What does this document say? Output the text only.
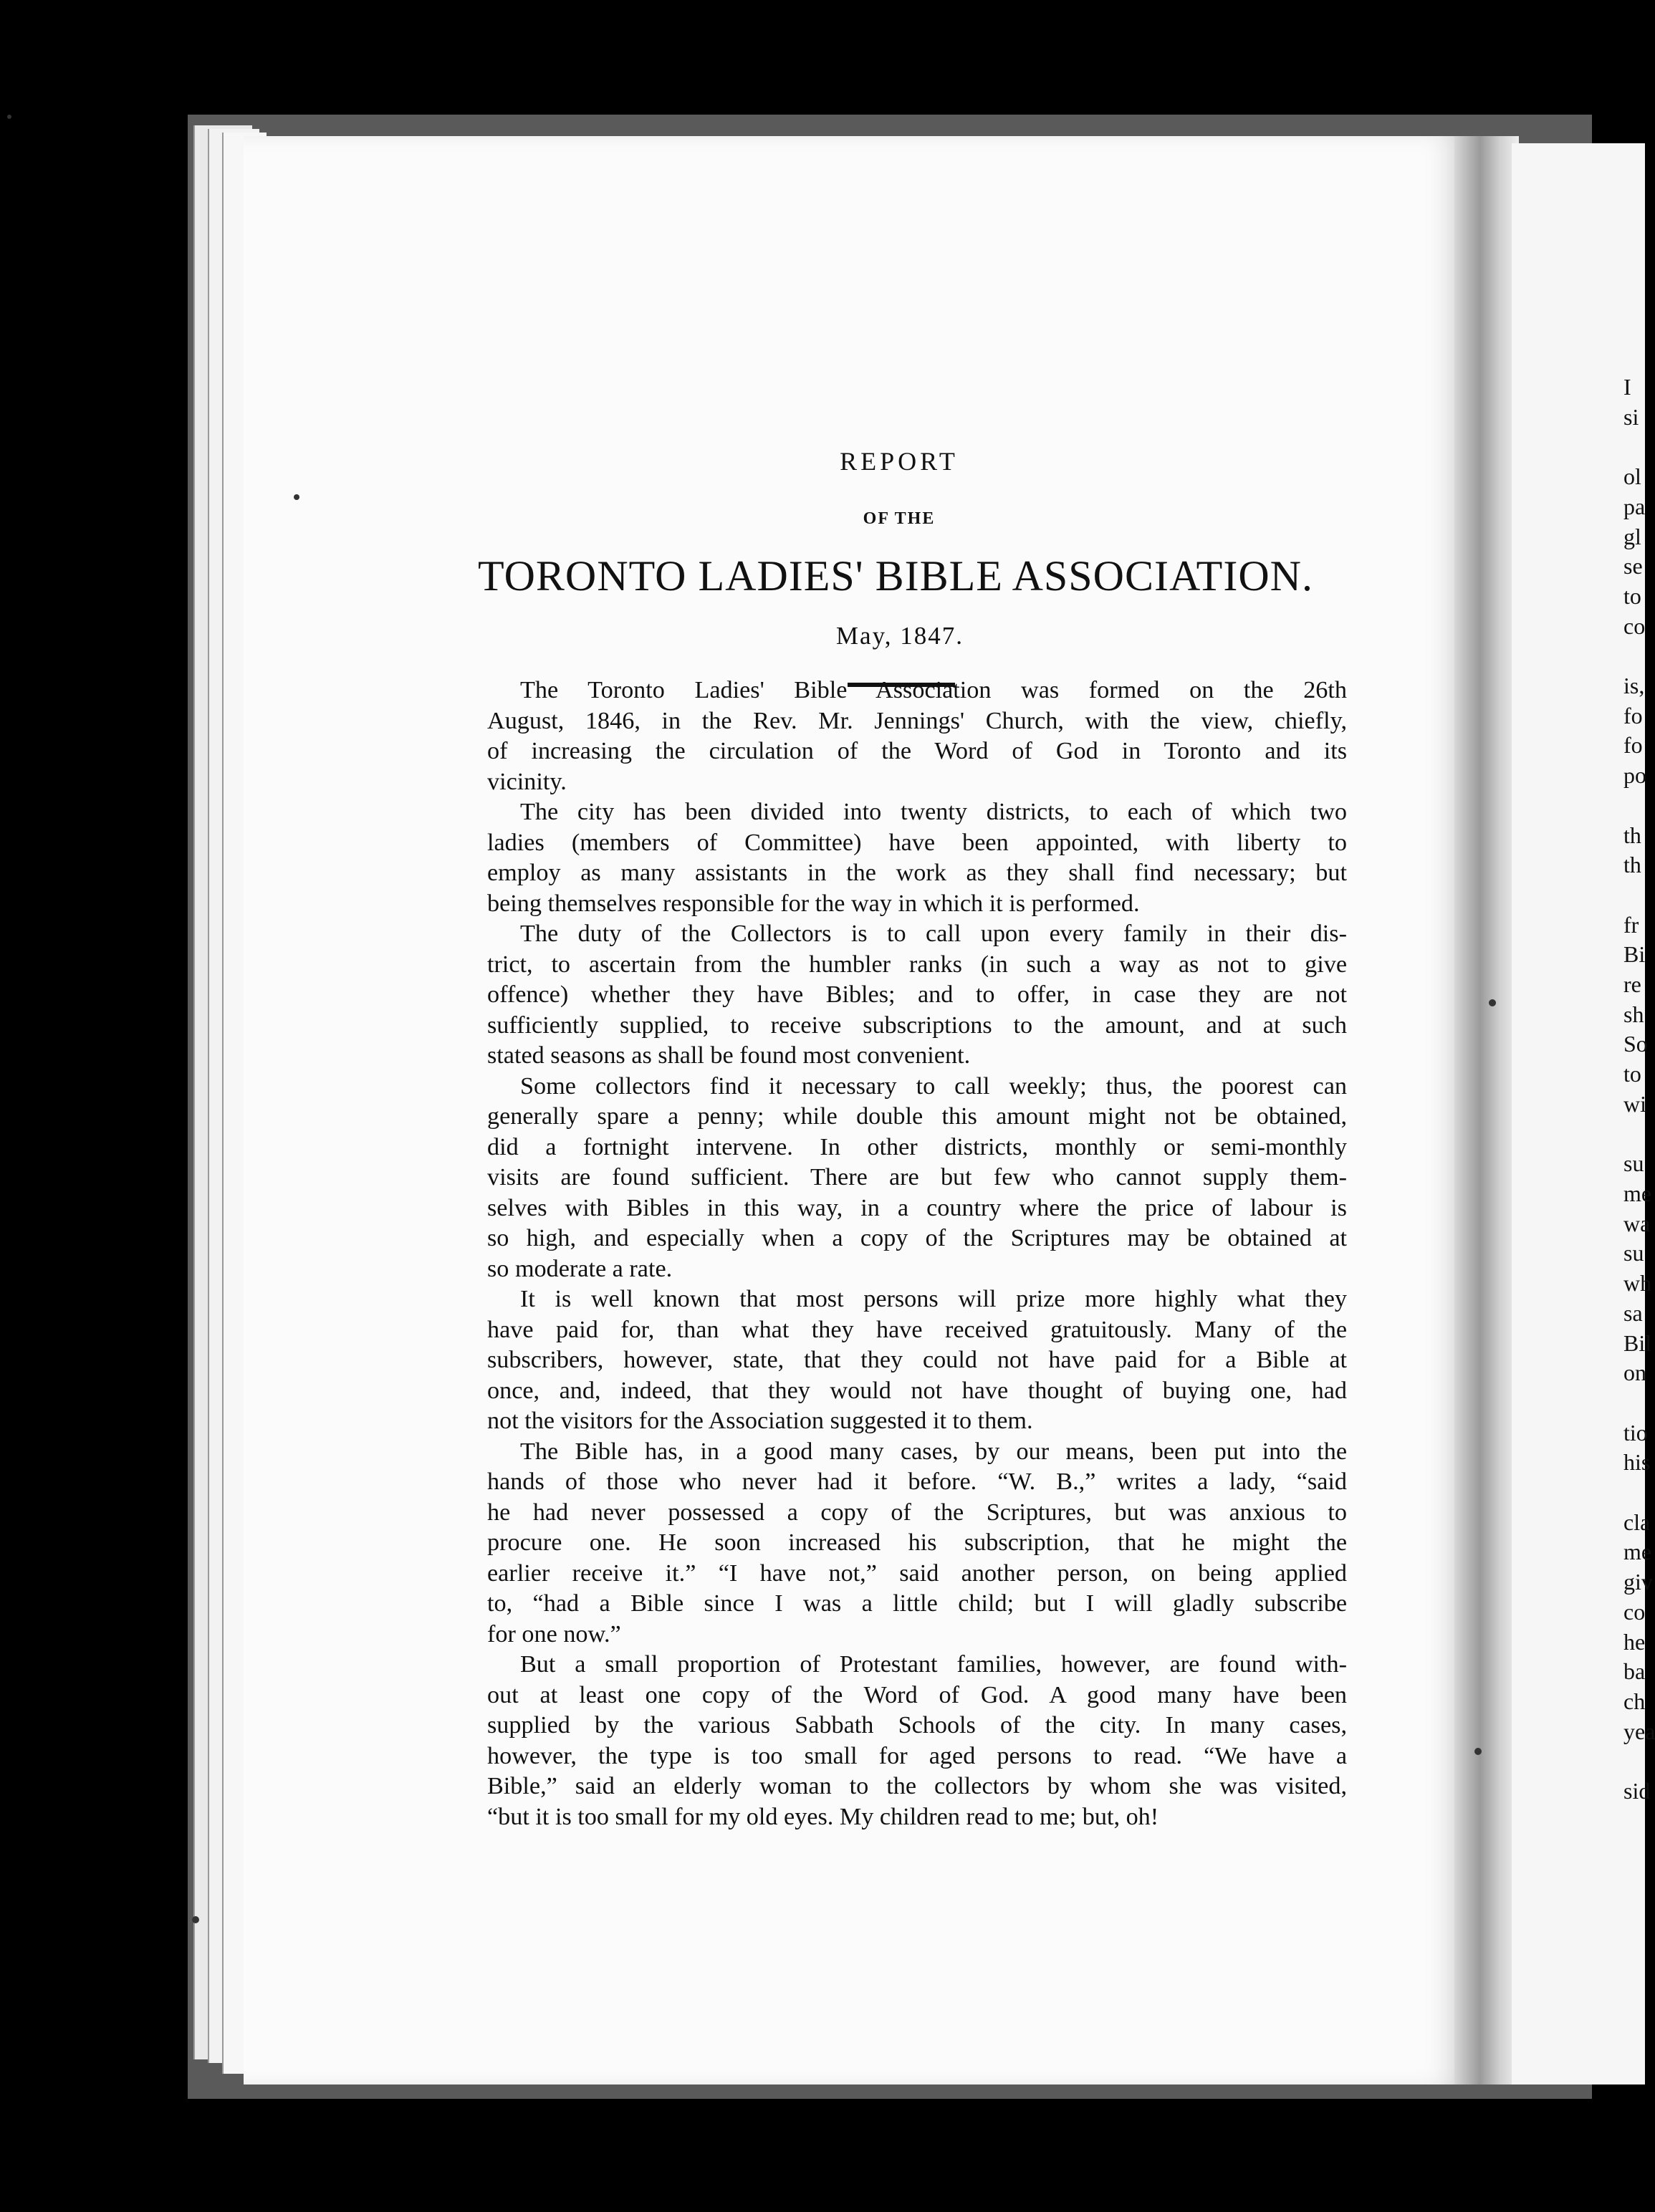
I
si

ol
pa
gl
se
to
co

is,
fo
fo
po

th
th

fr
Bi
re
sh
So
to
wi

su
me
wa
su
wh
sa
Bil
on

tio
his

cla
me
giv
co
he
ba
ch
yea

sid
REPORT
OF THE
TORONTO LADIES' BIBLE ASSOCIATION.
May, 1847.
The Toronto Ladies' Bible Association was formed on the 26th
August, 1846, in the Rev. Mr. Jennings' Church, with the view, chiefly,
of increasing the circulation of the Word of God in Toronto and its
vicinity.
The city has been divided into twenty districts, to each of which two
ladies (members of Committee) have been appointed, with liberty to
employ as many assistants in the work as they shall find necessary; but
being themselves responsible for the way in which it is performed.
The duty of the Collectors is to call upon every family in their dis-
trict, to ascertain from the humbler ranks (in such a way as not to give
offence) whether they have Bibles; and to offer, in case they are not
sufficiently supplied, to receive subscriptions to the amount, and at such
stated seasons as shall be found most convenient.
Some collectors find it necessary to call weekly; thus, the poorest can
generally spare a penny; while double this amount might not be obtained,
did a fortnight intervene. In other districts, monthly or semi-monthly
visits are found sufficient. There are but few who cannot supply them-
selves with Bibles in this way, in a country where the price of labour is
so high, and especially when a copy of the Scriptures may be obtained at
so moderate a rate.
It is well known that most persons will prize more highly what they
have paid for, than what they have received gratuitously. Many of the
subscribers, however, state, that they could not have paid for a Bible at
once, and, indeed, that they would not have thought of buying one, had
not the visitors for the Association suggested it to them.
The Bible has, in a good many cases, by our means, been put into the
hands of those who never had it before. “W. B.,” writes a lady, “said
he had never possessed a copy of the Scriptures, but was anxious to
procure one. He soon increased his subscription, that he might the
earlier receive it.” “I have not,” said another person, on being applied
to, “had a Bible since I was a little child; but I will gladly subscribe
for one now.”
But a small proportion of Protestant families, however, are found with-
out at least one copy of the Word of God. A good many have been
supplied by the various Sabbath Schools of the city. In many cases,
however, the type is too small for aged persons to read. “We have a
Bible,” said an elderly woman to the collectors by whom she was visited,
“but it is too small for my old eyes. My children read to me; but, oh!
